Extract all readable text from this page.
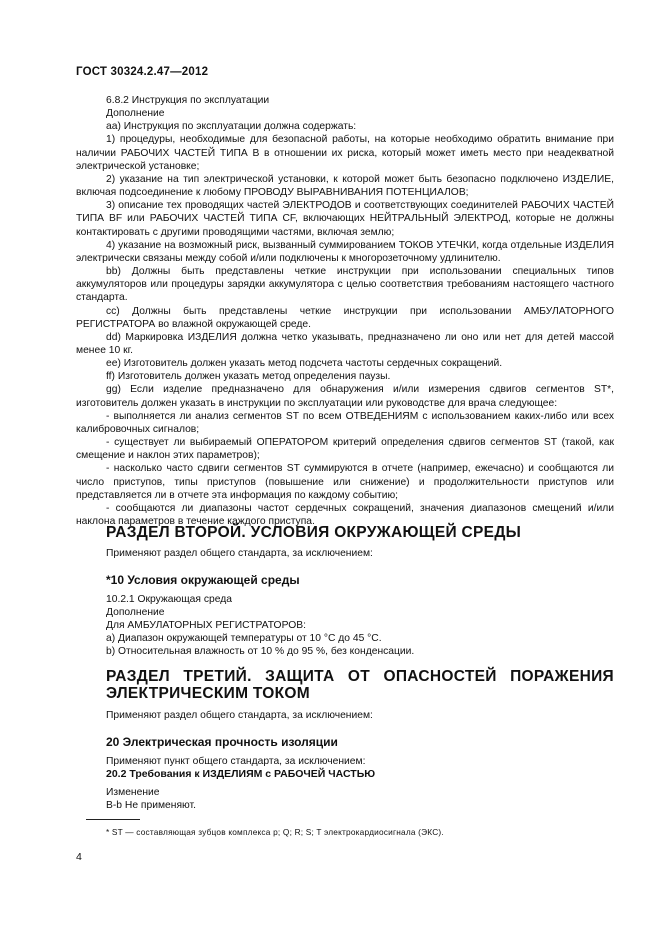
ГОСТ 30324.2.47—2012

6.8.2 Инструкция по эксплуатации

Дополнение

aa) Инструкция по эксплуатации должна содержать:

1) процедуры, необходимые для безопасной работы, на которые необходимо обратить внимание при наличии РАБОЧИХ ЧАСТЕЙ ТИПА В в отношении их риска, который может иметь место при неадекватной электрической установке;

2) указание на тип электрической установки, к которой может быть безопасно подключено ИЗДЕЛИЕ, включая подсоединение к любому ПРОВОДУ ВЫРАВНИВАНИЯ ПОТЕНЦИАЛОВ;

3) описание тех проводящих частей ЭЛЕКТРОДОВ и соответствующих соединителей РАБОЧИХ ЧАСТЕЙ ТИПА BF или РАБОЧИХ ЧАСТЕЙ ТИПА CF, включающих НЕЙТРАЛЬНЫЙ ЭЛЕКТРОД, которые не должны контактировать с другими проводящими частями, включая землю;

4) указание на возможный риск, вызванный суммированием ТОКОВ УТЕЧКИ, когда отдельные ИЗДЕЛИЯ электрически связаны между собой и/или подключены к многорозеточному удлинителю.

bb) Должны быть представлены четкие инструкции при использовании специальных типов аккумуляторов или процедуры зарядки аккумулятора с целью соответствия требованиям настоящего частного стандарта.

cc) Должны быть представлены четкие инструкции при использовании АМБУЛАТОРНОГО РЕГИСТРАТОРА во влажной окружающей среде.

dd) Маркировка ИЗДЕЛИЯ должна четко указывать, предназначено ли оно или нет для детей массой менее 10 кг.

ee) Изготовитель должен указать метод подсчета частоты сердечных сокращений.

ff) Изготовитель должен указать метод определения паузы.

gg) Если изделие предназначено для обнаружения и/или измерения сдвигов сегментов ST*, изготовитель должен указать в инструкции по эксплуатации или руководстве для врача следующее:

- выполняется ли анализ сегментов ST по всем ОТВЕДЕНИЯМ с использованием каких-либо или всех калибровочных сигналов;

- существует ли выбираемый ОПЕРАТОРОМ критерий определения сдвигов сегментов ST (такой, как смещение и наклон этих параметров);

- насколько часто сдвиги сегментов ST суммируются в отчете (например, ежечасно) и сообщаются ли число приступов, типы приступов (повышение или снижение) и продолжительности приступов или представляется ли в отчете эта информация по каждому событию;

- сообщаются ли диапазоны частот сердечных сокращений, значения диапазонов смещений и/или наклона параметров в течение каждого приступа.

РАЗДЕЛ ВТОРОЙ. УСЛОВИЯ ОКРУЖАЮЩЕЙ СРЕДЫ
Применяют раздел общего стандарта, за исключением:
*10 Условия окружающей среды
10.2.1 Окружающая среда
Дополнение
Для АМБУЛАТОРНЫХ РЕГИСТРАТОРОВ:
a) Диапазон окружающей температуры от 10 °C до 45 °C.
b) Относительная влажность от 10 % до 95 %, без конденсации.
РАЗДЕЛ ТРЕТИЙ. ЗАЩИТА ОТ ОПАСНОСТЕЙ ПОРАЖЕНИЯ
ЭЛЕКТРИЧЕСКИМ ТОКОМ
Применяют раздел общего стандарта, за исключением:
20 Электрическая прочность изоляции
Применяют пункт общего стандарта, за исключением:
20.2 Требования к ИЗДЕЛИЯМ с РАБОЧЕЙ ЧАСТЬЮ
Изменение
B-b Не применяют.
* ST — составляющая зубцов комплекса р; Q; R; S; T электрокардиосигнала (ЭКС).
4
